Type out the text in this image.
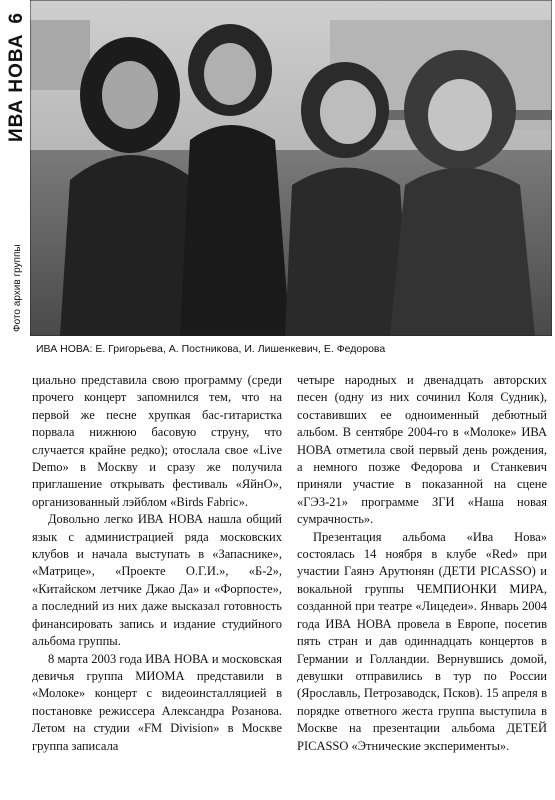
ИВА НОВА6
Фото архив группы
ИВА НОВА: Е. Григорьева, А. Постникова, И. Лишенкевич, Е. Федорова

циально представила свою программу (среди прочего концерт запомнился тем, что на первой же песне хрупкая бас-гитаристка порвала нижнюю басовую струну, что случается крайне редко); отослала свое «Live Demo» в Москву и сразу же получила приглашение открывать фестиваль «ЯйнО», организованный лэйблом «Birds Fabric».

Довольно легко ИВА НОВА нашла общий язык с администрацией ряда московских клубов и начала выступать в «Запаснике», «Матрице», «Проекте О.Г.И.», «Б-2», «Китайском летчике Джао Да» и «Форпосте», а последний из них даже высказал готовность финансировать запись и издание студийного альбома группы.

8 марта 2003 года ИВА НОВА и московская девичья группа МИОМА представили в «Молоке» концерт с видеоинсталляцией в постановке режиссера Александра Розанова. Летом на студии «FM Division» в Москве группа записала

четыре народных и двенадцать авторских песен (одну из них сочинил Коля Судник), составивших ее одноименный дебютный альбом. В сентябре 2004-го в «Молоке» ИВА НОВА отметила свой первый день рождения, а немного позже Федорова и Станкевич приняли участие в показанной на сцене «ГЭЗ-21» программе ЗГИ «Наша новая сумрачность».

Презентация альбома «Ива Нова» состоялась 14 ноября в клубе «Red» при участии Гаянэ Арутюнян (ДЕТИ PICASSO) и вокальной группы ЧЕМПИОНКИ МИРА, созданной при театре «Лицедеи». Январь 2004 года ИВА НОВА провела в Европе, посетив пять стран и дав одиннадцать концертов в Германии и Голландии. Вернувшись домой, девушки отправились в тур по России (Ярославль, Петрозаводск, Псков). 15 апреля в порядке ответного жеста группа выступила в Москве на презентации альбома ДЕТЕЙ PICASSO «Этнические эксперименты».
